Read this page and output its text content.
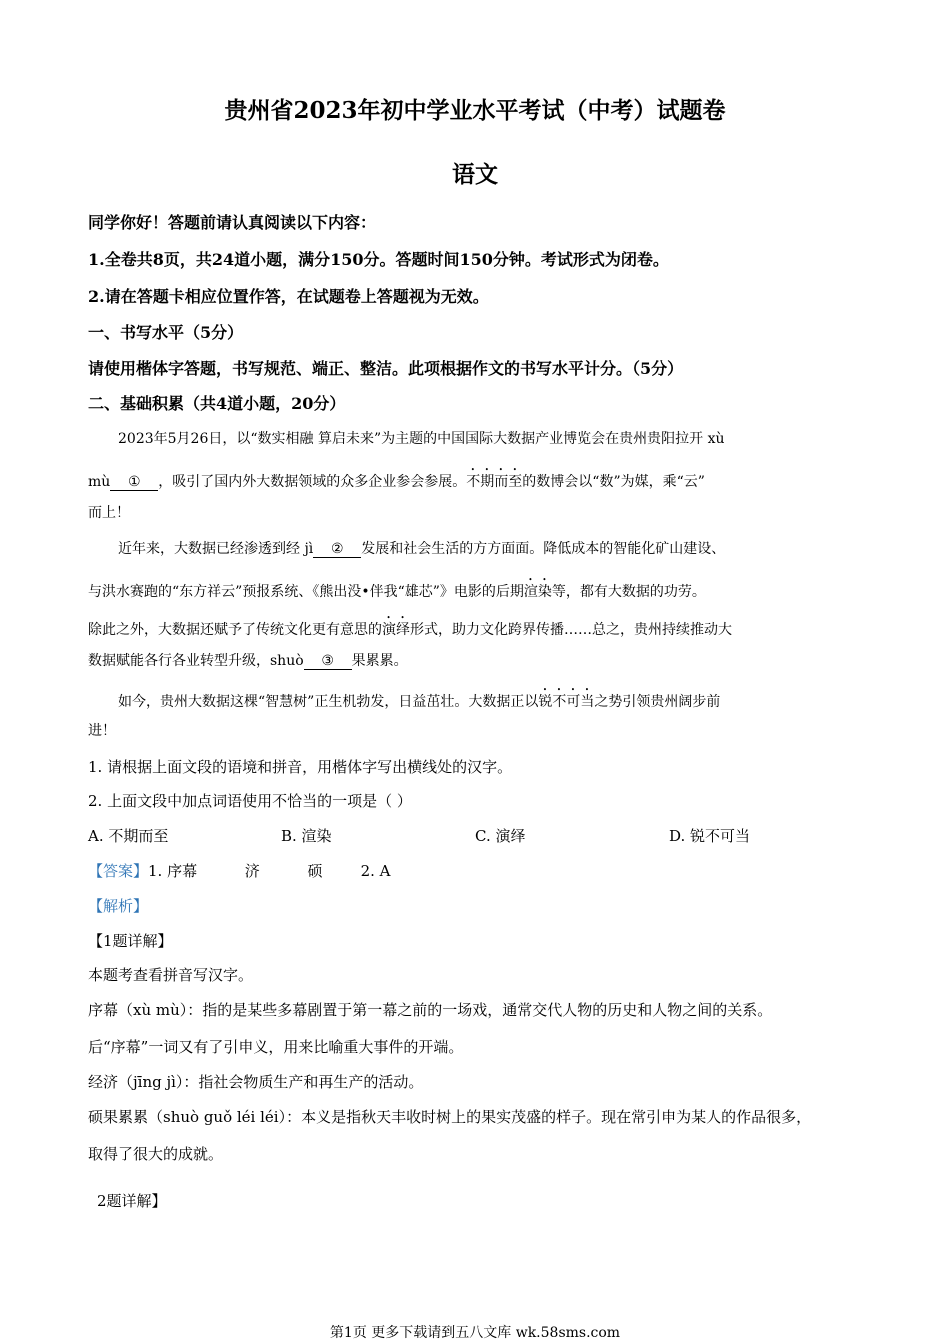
贵州省2023年初中学业水平考试（中考）试题卷
语文
同学你好！答题前请认真阅读以下内容：
1.全卷共8页，共24道小题，满分150分。答题时间150分钟。考试形式为闭卷。
2.请在答题卡相应位置作答，在试题卷上答题视为无效。
一、书写水平（5分）
请使用楷体字答题，书写规范、端正、整洁。此项根据作文的书写水平计分。（5分）
二、基础积累（共4道小题，20分）
2023年5月26日，以“数实相融 算启未来”为主题的中国国际大数据产业博览会在贵州贵阳拉开 xù
mù ① ，吸引了国内外大数据领域的众多企业参会参展。不期而至的数博会以“数”为媒，乘“云”
而上！
近年来，大数据已经渗透到经 jì ② 发展和社会生活的方方面面。降低成本的智能化矿山建设、
与洪水赛跑的“东方祥云”预报系统、《熊出没•伴我“雄芯”》电影的后期渲染等，都有大数据的功劳。
除此之外，大数据还赋予了传统文化更有意思的演绎形式，助力文化跨界传播……总之，贵州持续推动大
数据赋能各行各业转型升级，shuò ③ 果累累。
如今，贵州大数据这棵“智慧树”正生机勃发，日益茁壮。大数据正以锐不可当之势引领贵州阔步前
进！
1. 请根据上面文段的语境和拼音，用楷体字写出横线处的汉字。
2. 上面文段中加点词语使用不恰当的一项是（ ）
A. 不期而至	B. 渲染	C. 演绎	D. 锐不可当
【答案】1. 序幕          济          硕        2. A
【解析】
【1题详解】
本题考查看拼音写汉字。
序幕（xù mù）：指的是某些多幕剧置于第一幕之前的一场戏，通常交代人物的历史和人物之间的关系。
后“序幕”一词又有了引申义，用来比喻重大事件的开端。
经济（jīng jì）：指社会物质生产和再生产的活动。
硕果累累（shuò guǒ léi léi）：本义是指秋天丰收时树上的果实茂盛的样子。现在常引申为某人的作品很多，
取得了很大的成就。
2题详解】
第1页 更多下载请到五八文库 wk.58sms.com
